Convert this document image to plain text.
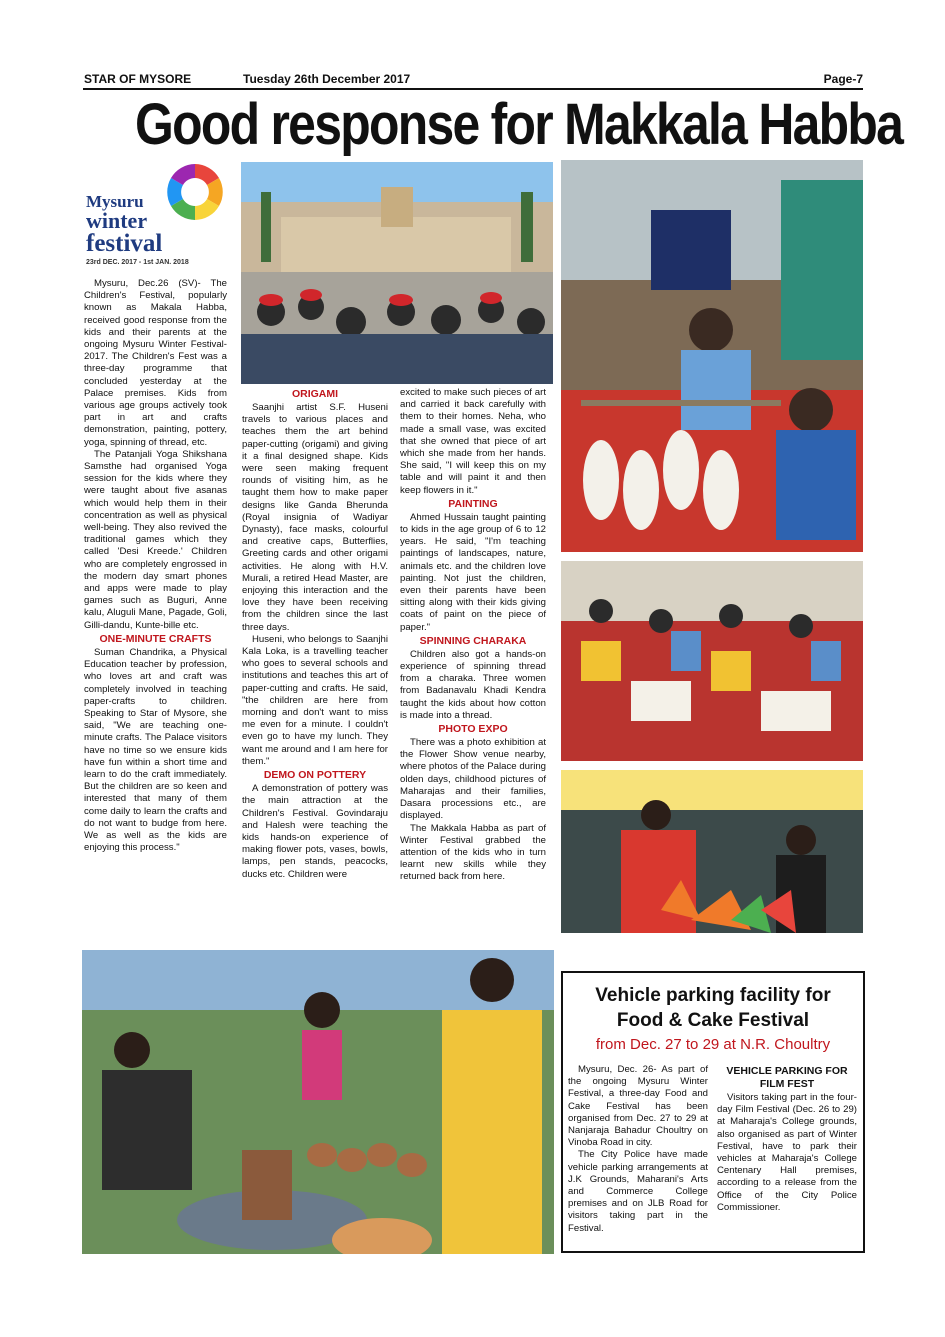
STAR OF MYSORE	Tuesday 26th December 2017	Page-7
Good response for Makkala Habba
Mysuru
winter
festival
23rd DEC. 2017 - 1st JAN. 2018

Mysuru, Dec.26 (SV)- The Children's Festival, popularly known as Makala Habba, received good response from the kids and their parents at the ongoing Mysuru Winter Festival-2017. The Children's Fest was a three-day programme that concluded yesterday at the Palace premises. Kids from various age groups actively took part in art and crafts demonstration, painting, pottery, yoga, spinning of thread, etc.

The Patanjali Yoga Shikshana Samsthe had organised Yoga session for the kids where they were taught about five asanas which would help them in their concentration as well as physical well-being. They also revived the traditional games which they called 'Desi Kreede.' Children who are completely engrossed in the modern day smart phones and apps were made to play games such as Buguri, Anne kalu, Aluguli Mane, Pagade, Goli, Gilli-dandu, Kunte-bille etc.

ONE-MINUTE CRAFTS

Suman Chandrika, a Physical Education teacher by profession, who loves art and craft was completely involved in teaching paper-crafts to children. Speaking to Star of Mysore, she said, "We are teaching one-minute crafts. The Palace visitors have no time so we ensure kids have fun within a short time and learn to do the craft immediately. But the children are so keen and interested that many of them come daily to learn the crafts and do not want to budge from here. We as well as the kids are enjoying this process."

ORIGAMI

Saanjhi artist S.F. Huseni travels to various places and teaches them the art behind paper-cutting (origami) and giving it a final designed shape. Kids were seen making frequent rounds of visiting him, as he taught them how to make paper designs like Ganda Bherunda (Royal insignia of Wadiyar Dynasty), face masks, colourful and creative caps, Butterflies, Greeting cards and other origami activities. He along with H.V. Murali, a retired Head Master, are enjoying this interaction and the love they have been receiving from the children since the last three days.

Huseni, who belongs to Saanjhi Kala Loka, is a travelling teacher who goes to several schools and institutions and teaches this art of paper-cutting and crafts. He said, "the children are here from morning and don't want to miss me even for a minute. I couldn't even go to have my lunch. They want me around and I am here for them."

DEMO ON POTTERY

A demonstration of pottery was the main attraction at the Children's Festival. Govindaraju and Halesh were teaching the kids hands-on experience of making flower pots, vases, bowls, lamps, pen stands, peacocks, ducks etc. Children were

excited to make such pieces of art and carried it back carefully with them to their homes. Neha, who made a small vase, was excited that she owned that piece of art which she made from her hands. She said, "I will keep this on my table and will paint it and then keep flowers in it."

PAINTING

Ahmed Hussain taught painting to kids in the age group of 6 to 12 years. He said, "I'm teaching paintings of landscapes, nature, animals etc. and the children love painting. Not just the children, even their parents have been sitting along with their kids giving coats of paint on the piece of paper."

SPINNING CHARAKA

Children also got a hands-on experience of spinning thread from a charaka. Three women from Badanavalu Khadi Kendra taught the kids about how cotton is made into a thread.

PHOTO EXPO

There was a photo exhibition at the Flower Show venue nearby, where photos of the Palace during olden days, childhood pictures of Maharajas and their families, Dasara processions etc., are displayed.

The Makkala Habba as part of Winter Festival grabbed the attention of the kids who in turn learnt new skills while they returned back from here.

Vehicle parking facility for
Food & Cake Festival
from Dec. 27 to 29 at N.R. Choultry

Mysuru, Dec. 26- As part of the ongoing Mysuru Winter Festival, a three-day Food and Cake Festival has been organised from Dec. 27 to 29 at Nanjaraja Bahadur Choultry on Vinoba Road in city.

The City Police have made vehicle parking arrangements at J.K Grounds, Maharani's Arts and Commerce College premises and on JLB Road for visitors taking part in the Festival.

VEHICLE PARKING FOR FILM FEST

Visitors taking part in the four-day Film Festival (Dec. 26 to 29) at Maharaja's College grounds, also organised as part of Winter Festival, have to park their vehicles at Maharaja's College Centenary Hall premises, according to a release from the Office of the City Police Commissioner.
